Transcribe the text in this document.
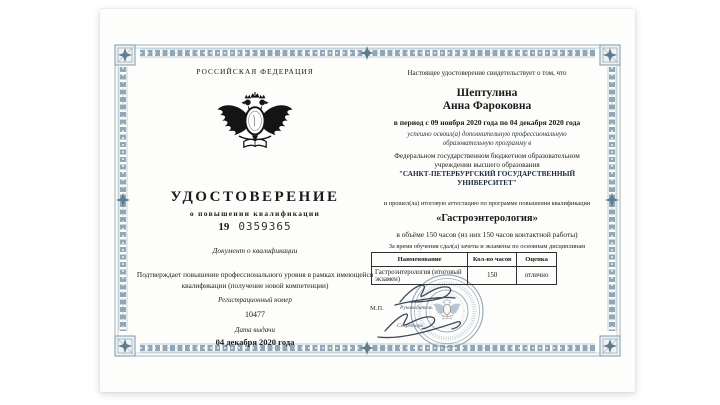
РОССИЙСКАЯ ФЕДЕРАЦИЯ
УДОСТОВЕРЕНИЕ
о повышении квалификации
19 0359365
Документ о квалификации
Подтверждает повышение профессионального уровня в рамках имеющейся квалификации (получение новой компетенции)
Регистрационный номер
10477
Дата выдачи
04 декабря 2020 года
Настоящее удостоверение свидетельствует о том, что
Шептулина
Анна Фароковна
в период с 09 ноября 2020 года по 04 декабря 2020 года
успешно освоил(а) дополнительную профессиональную
образовательную программу в
Федеральном государственном бюджетном образовательном
учреждении высшего образования
"САНКТ-ПЕТЕРБУРГСКИЙ ГОСУДАРСТВЕННЫЙ
УНИВЕРСИТЕТ"
и прошел(ла) итоговую аттестацию по программе повышения квалификации
«Гастроэнтерология»
в объёме 150 часов (из них 150 часов контактной работы)
За время обучения сдал(а) зачеты и экзамены по основным дисциплинам
Наименование	Кол-во часов	Оценка
Гастроэнтерология (итоговый экзамен)	150	отлично
М.П.	Руководитель
Секретарь
